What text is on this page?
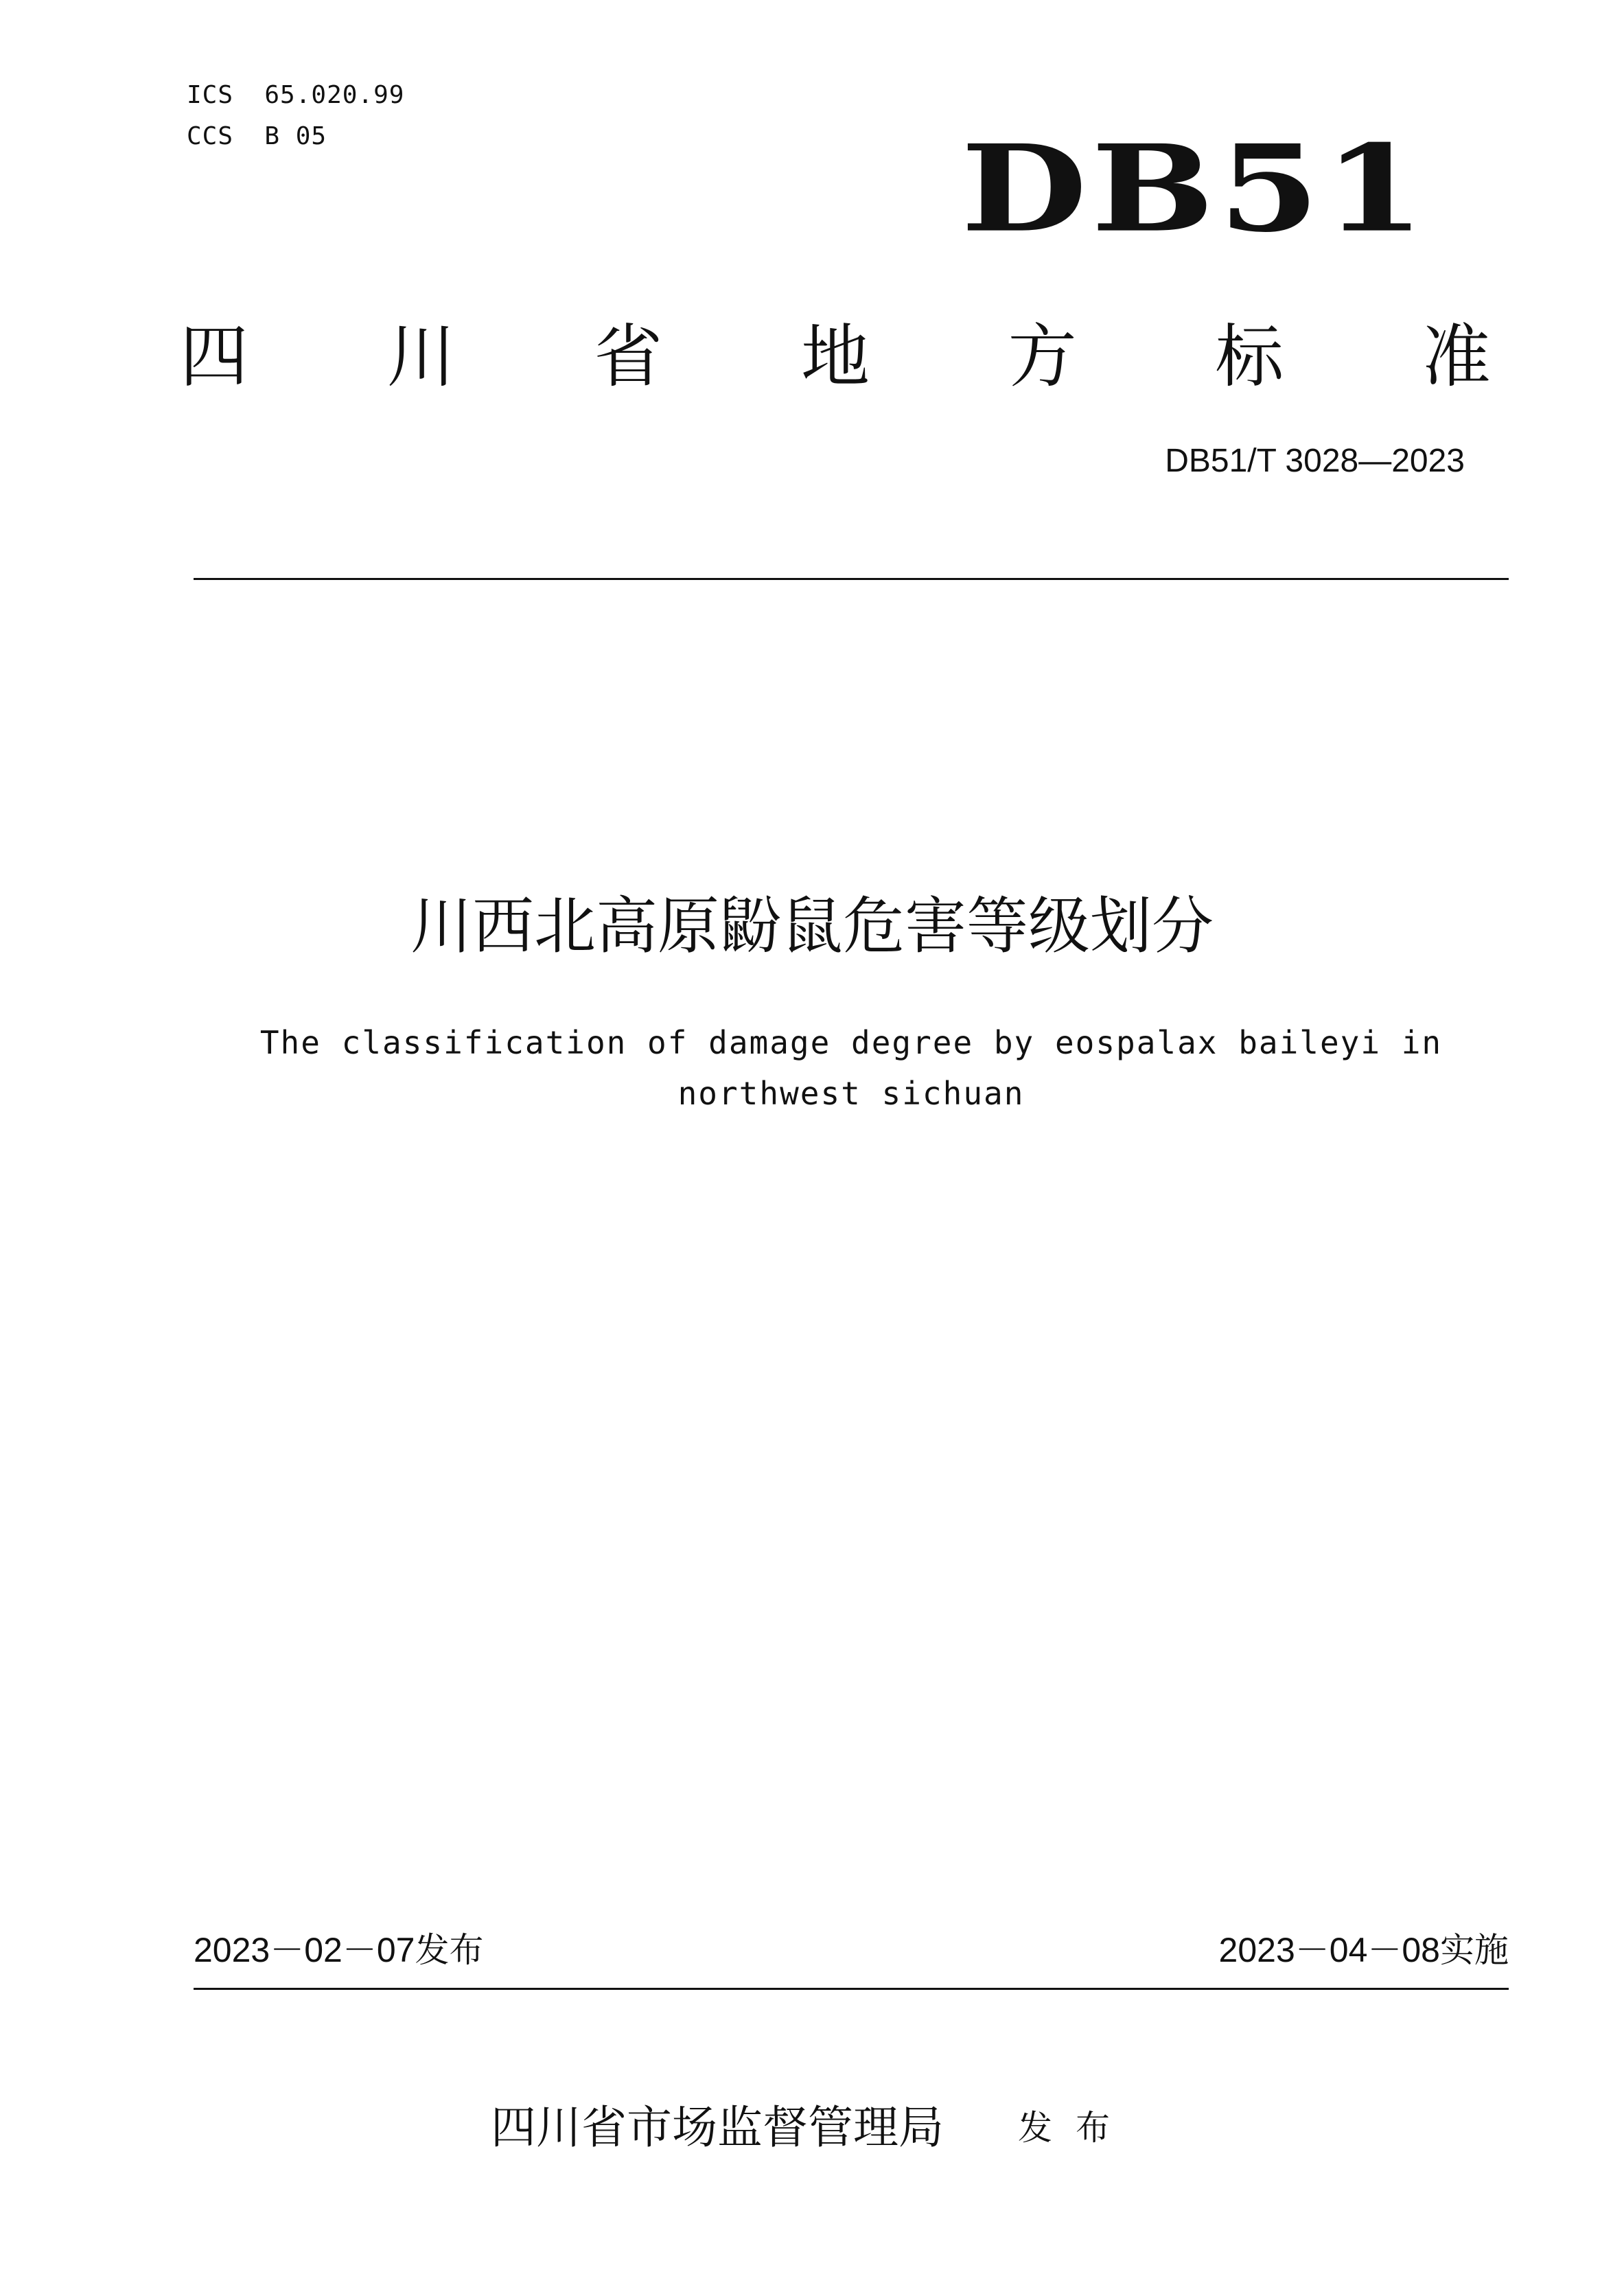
ICS  65.020.99
CCS  B 05	DB51
四 川 省 地 方 标 准
DB51/T 3028—2023
川西北高原鼢鼠危害等级划分
The classification of damage degree by eospalax baileyi in northwest sichuan
2023－02－07发布	2023－04－08实施
四川省市场监督管理局 发布
